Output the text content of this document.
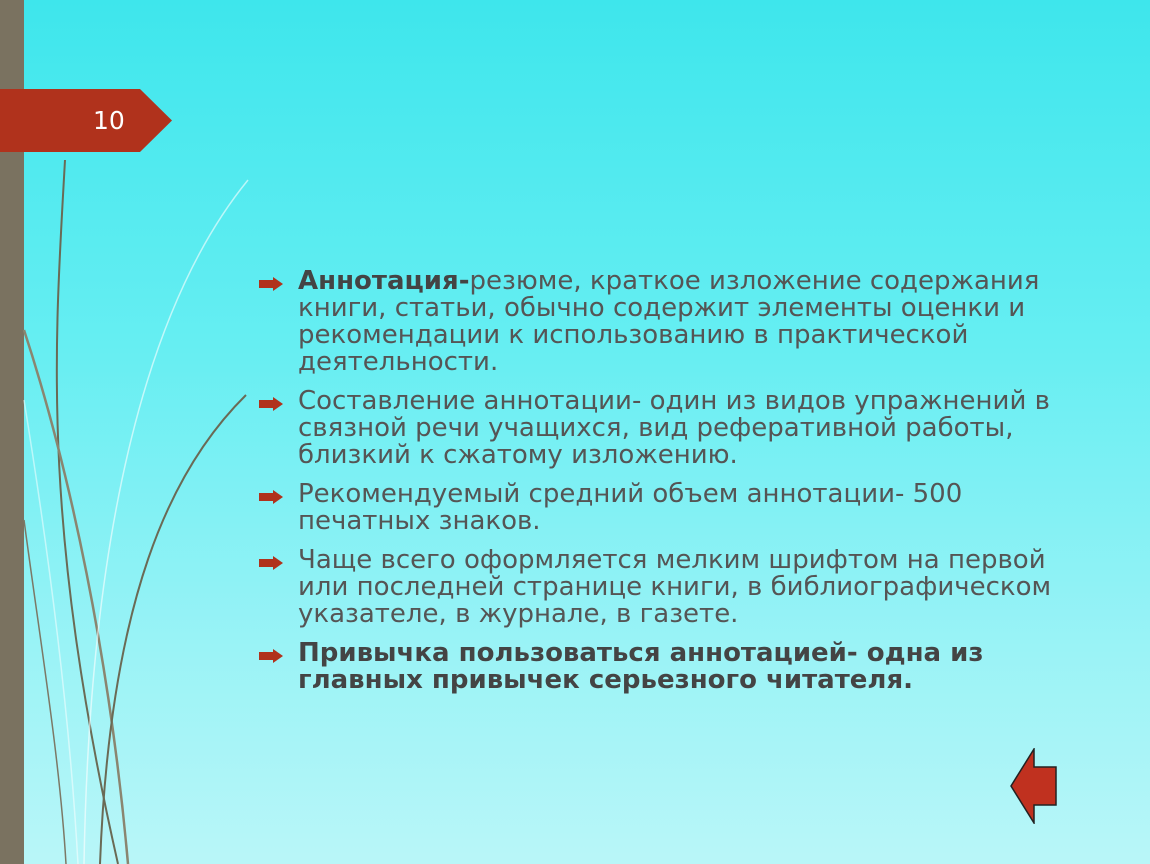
10
Аннотация-резюме, краткое изложение содержания книги, статьи, обычно содержит элементы оценки и рекомендации к использованию в практической деятельности.
Составление аннотации- один из видов упражнений в связной речи учащихся, вид реферативной работы, близкий к сжатому изложению.
Рекомендуемый средний объем аннотации- 500 печатных знаков.
Чаще всего оформляется мелким шрифтом на первой или последней странице книги, в библиографическом указателе, в журнале, в газете.
Привычка пользоваться аннотацией- одна из главных привычек серьезного читателя.
